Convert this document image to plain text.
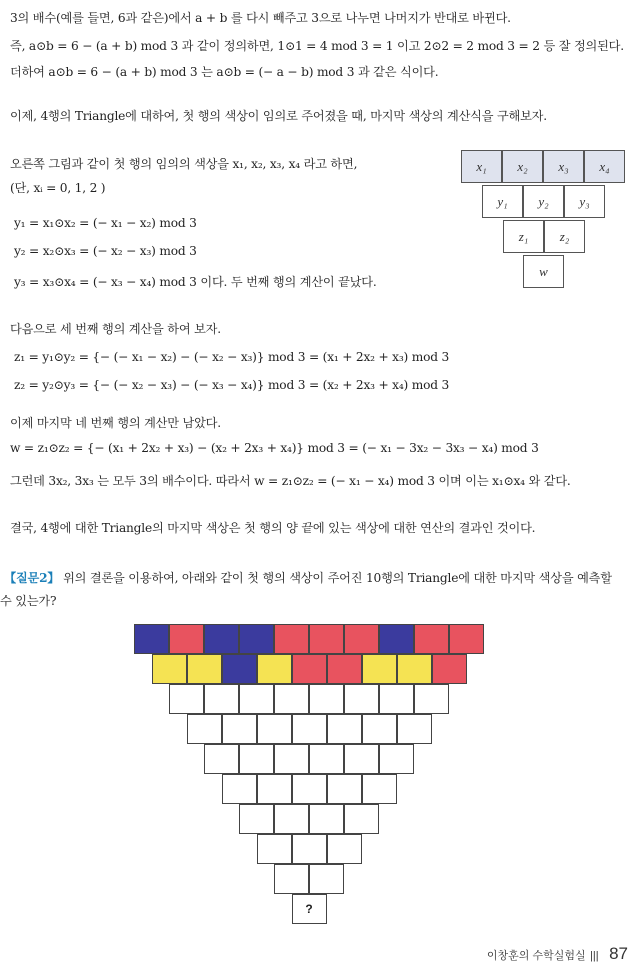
3의 배수(예를 들면, 6과 같은)에서 a + b 를 다시 빼주고 3으로 나누면 나머지가 반대로 바뀐다.
즉, a⊙b = 6 − (a + b) mod 3 과 같이 정의하면, 1⊙1 = 4 mod 3 = 1 이고 2⊙2 = 2 mod 3 = 2 등 잘 정의된다.
더하여 a⊙b = 6 − (a + b) mod 3 는 a⊙b = (− a − b) mod 3 과 같은 식이다.
이제, 4행의 Triangle에 대하여, 첫 행의 색상이 임의로 주어졌을 때, 마지막 색상의 계산식을 구해보자.
오른쪽 그림과 같이 첫 행의 임의의 색상을 x₁, x₂, x₃, x₄ 라고 하면,
(단, xᵢ = 0, 1, 2 )
y₁ = x₁⊙x₂ = (− x₁ − x₂) mod 3
y₂ = x₂⊙x₃ = (− x₂ − x₃) mod 3
y₃ = x₃⊙x₄ = (− x₃ − x₄) mod 3 이다. 두 번째 행의 계산이 끝났다.
다음으로 세 번째 행의 계산을 하여 보자.
z₁ = y₁⊙y₂ = {− (− x₁ − x₂) − (− x₂ − x₃)} mod 3 = (x₁ + 2x₂ + x₃) mod 3
z₂ = y₂⊙y₃ = {− (− x₂ − x₃) − (− x₃ − x₄)} mod 3 = (x₂ + 2x₃ + x₄) mod 3
이제 마지막 네 번째 행의 계산만 남았다.
w = z₁⊙z₂ = {− (x₁ + 2x₂ + x₃) − (x₂ + 2x₃ + x₄)} mod 3 = (− x₁ − 3x₂ − 3x₃ − x₄) mod 3
그런데 3x₂, 3x₃ 는 모두 3의 배수이다. 따라서 w = z₁⊙z₂ = (− x₁ − x₄) mod 3 이며 이는 x₁⊙x₄ 와 같다.
결국, 4행에 대한 Triangle의 마지막 색상은 첫 행의 양 끝에 있는 색상에 대한 연산의 결과인 것이다.
【질문2】 위의 결론을 이용하여, 아래와 같이 첫 행의 색상이 주어진 10행의 Triangle에 대한 마지막 색상을 예측할
수 있는가?
x₁	x₂	x₃	x₄
y₁	y₂	y₃
z₁	z₂
w
?
이창훈의 수학실험실 ||| 87
